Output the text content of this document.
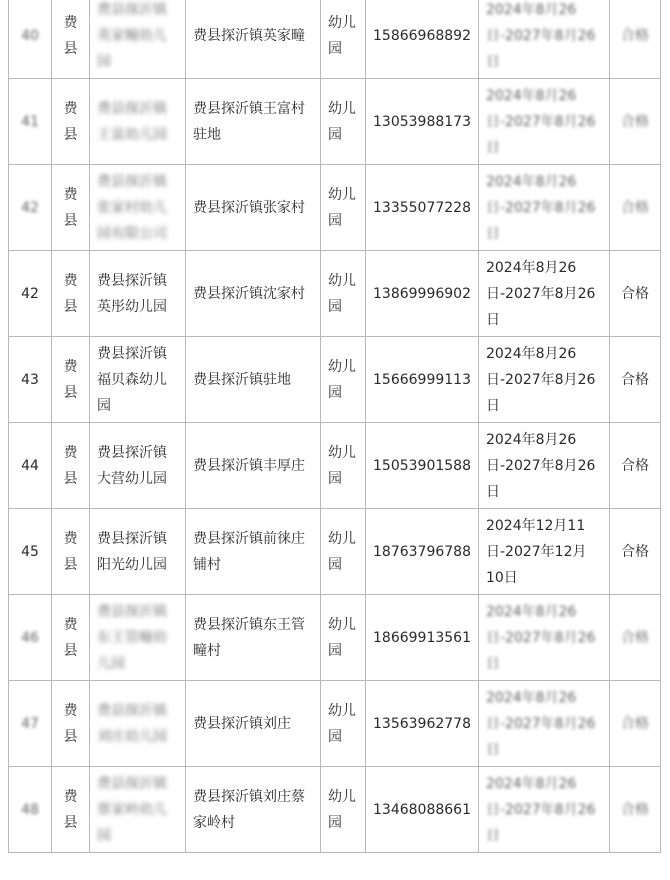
40	费县	费县探沂镇英家疃幼儿园	费县探沂镇英家疃	幼儿园	15866968892	2024年8月26日-2027年8月26日	合格
41	费县	费县探沂镇王富幼儿园	费县探沂镇王富村驻地	幼儿园	13053988173	2024年8月26日-2027年8月26日	合格
42	费县	费县探沂镇张家村幼儿园有限公司	费县探沂镇张家村	幼儿园	13355077228	2024年8月26日-2027年8月26日	合格
42	费县	费县探沂镇英彤幼儿园	费县探沂镇沈家村	幼儿园	13869996902	2024年8月26日-2027年8月26日	合格
43	费县	费县探沂镇福贝森幼儿园	费县探沂镇驻地	幼儿园	15666999113	2024年8月26日-2027年8月26日	合格
44	费县	费县探沂镇大营幼儿园	费县探沂镇丰厚庄	幼儿园	15053901588	2024年8月26日-2027年8月26日	合格
45	费县	费县探沂镇阳光幼儿园	费县探沂镇前徕庄铺村	幼儿园	18763796788	2024年12月11日-2027年12月10日	合格
46	费县	费县探沂镇东王管疃幼儿园	费县探沂镇东王管疃村	幼儿园	18669913561	2024年8月26日-2027年8月26日	合格
47	费县	费县探沂镇刘庄幼儿园	费县探沂镇刘庄	幼儿园	13563962778	2024年8月26日-2027年8月26日	合格
48	费县	费县探沂镇蔡家岭幼儿园	费县探沂镇刘庄蔡家岭村	幼儿园	13468088661	2024年8月26日-2027年8月26日	合格
